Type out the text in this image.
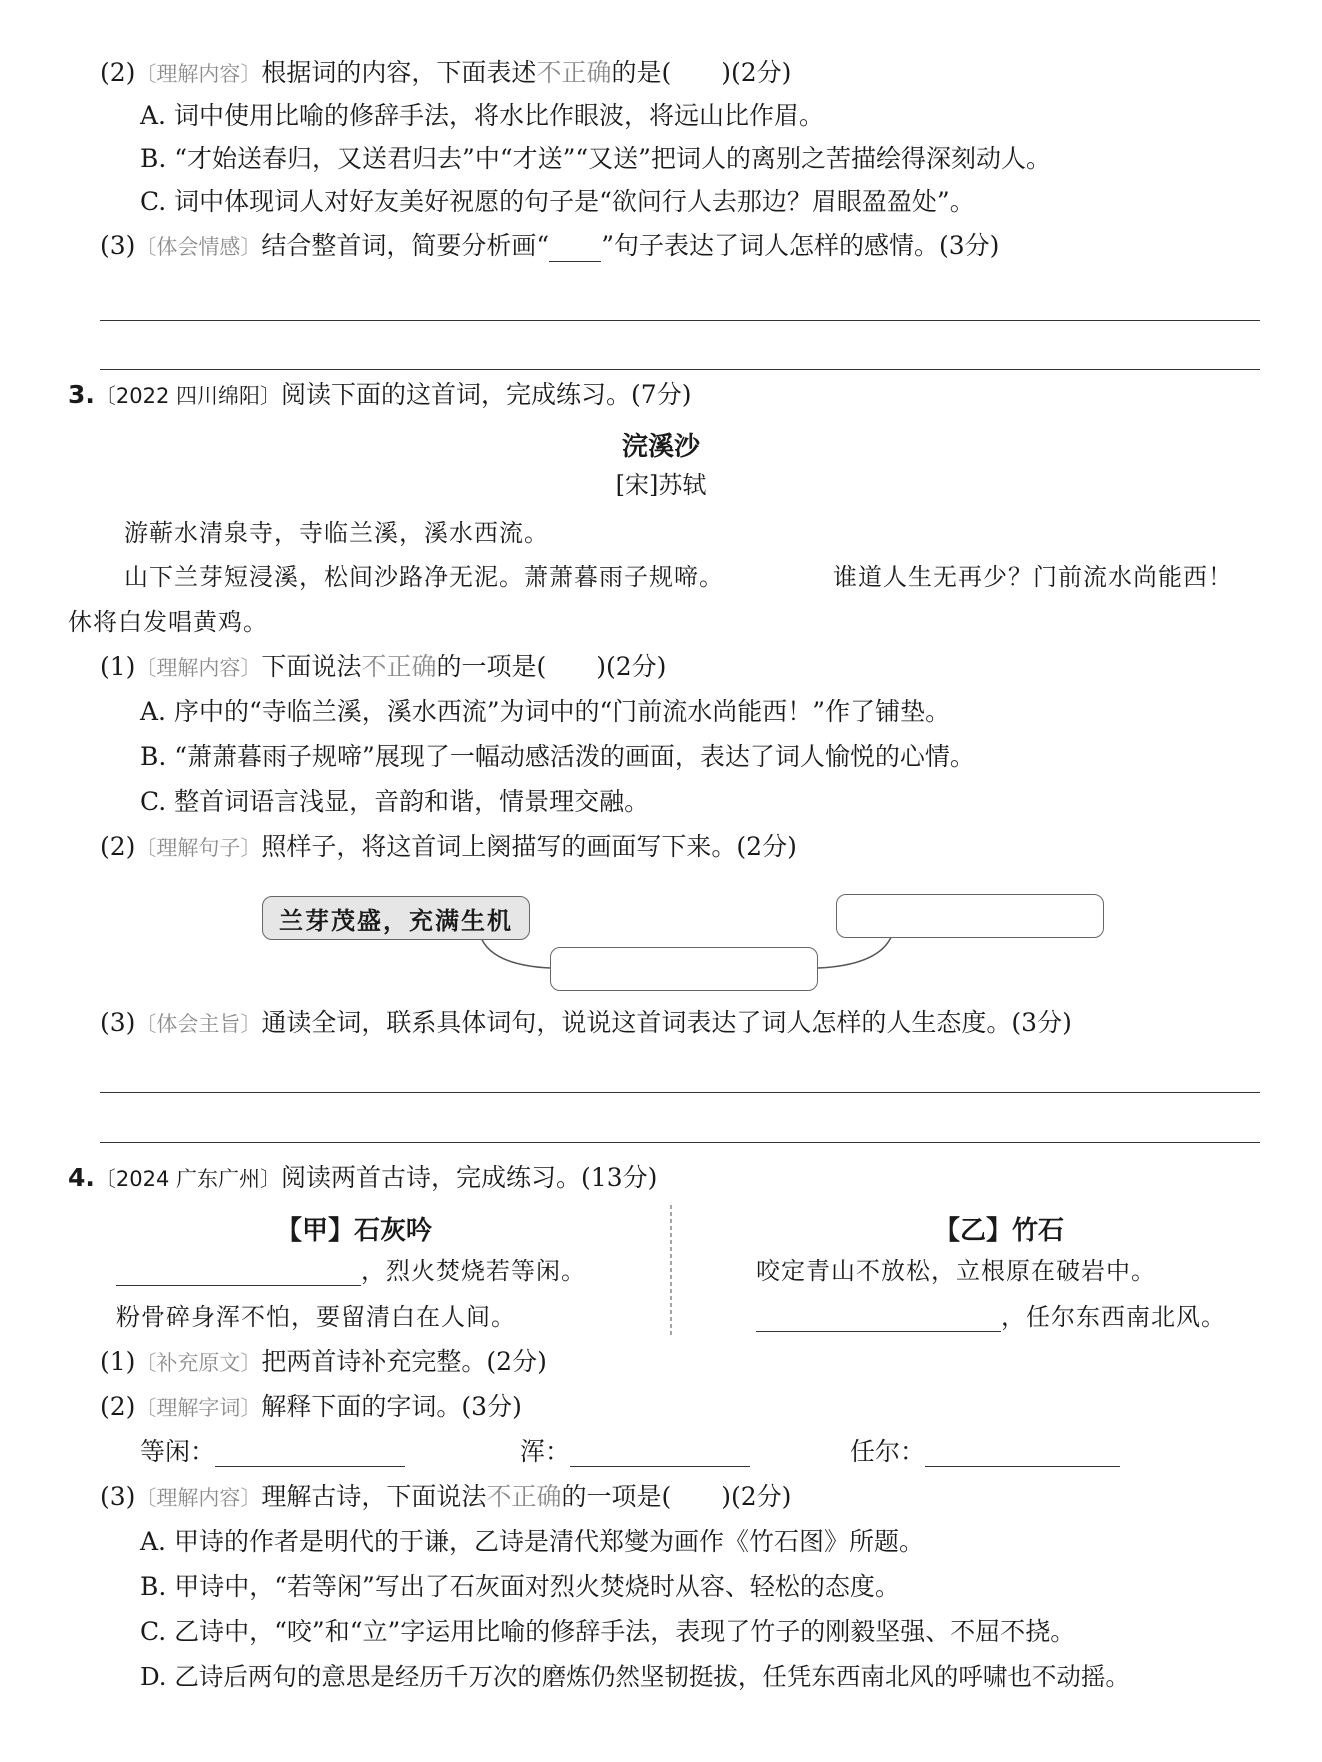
(2)〔理解内容〕根据词的内容，下面表述不正确的是(　　)(2分)
A. 词中使用比喻的修辞手法，将水比作眼波，将远山比作眉。
B. “才始送春归，又送君归去”中“才送”“又送”把词人的离别之苦描绘得深刻动人。
C. 词中体现词人对好友美好祝愿的句子是“欲问行人去那边？眉眼盈盈处”。
(3)〔体会情感〕结合整首词，简要分析画“ ”句子表达了词人怎样的感情。(3分)
3.〔2022 四川绵阳〕阅读下面的这首词，完成练习。(7分)
浣溪沙
[宋]苏轼
游蕲水清泉寺，寺临兰溪，溪水西流。
山下兰芽短浸溪，松间沙路净无泥。萧萧暮雨子规啼。	谁道人生无再少？门前流水尚能西！
休将白发唱黄鸡。
(1)〔理解内容〕下面说法不正确的一项是(　　)(2分)
A. 序中的“寺临兰溪，溪水西流”为词中的“门前流水尚能西！”作了铺垫。
B. “萧萧暮雨子规啼”展现了一幅动感活泼的画面，表达了词人愉悦的心情。
C. 整首词语言浅显，音韵和谐，情景理交融。
(2)〔理解句子〕照样子，将这首词上阕描写的画面写下来。(2分)
兰芽茂盛，充满生机
(3)〔体会主旨〕通读全词，联系具体词句，说说这首词表达了词人怎样的人生态度。(3分)
4.〔2024 广东广州〕阅读两首古诗，完成练习。(13分)
【甲】石灰吟
，烈火焚烧若等闲。
粉骨碎身浑不怕，要留清白在人间。
【乙】竹石
咬定青山不放松，立根原在破岩中。
，任尔东西南北风。
(1)〔补充原文〕把两首诗补充完整。(2分)
(2)〔理解字词〕解释下面的字词。(3分)
等闲：	浑：	任尔：
(3)〔理解内容〕理解古诗，下面说法不正确的一项是(　　)(2分)
A. 甲诗的作者是明代的于谦，乙诗是清代郑燮为画作《竹石图》所题。
B. 甲诗中，“若等闲”写出了石灰面对烈火焚烧时从容、轻松的态度。
C. 乙诗中，“咬”和“立”字运用比喻的修辞手法，表现了竹子的刚毅坚强、不屈不挠。
D. 乙诗后两句的意思是经历千万次的磨炼仍然坚韧挺拔，任凭东西南北风的呼啸也不动摇。
